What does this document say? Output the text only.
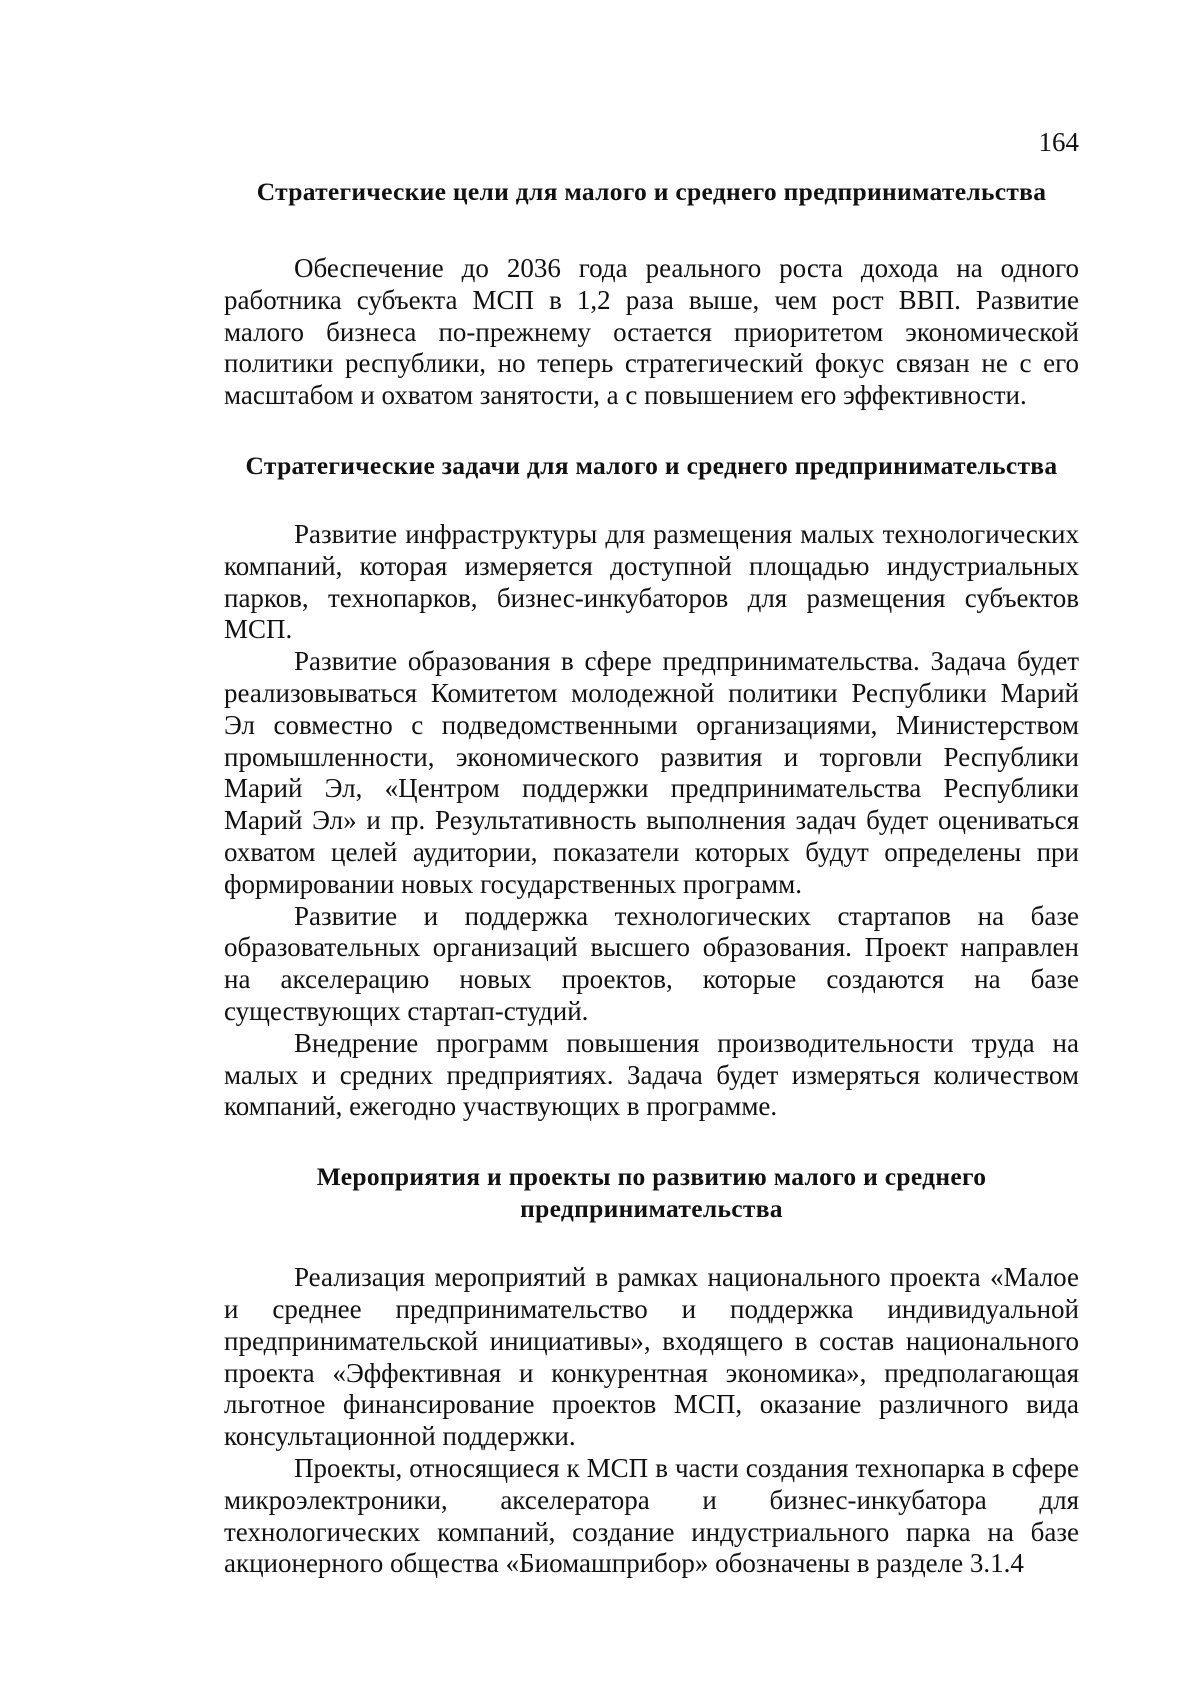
164
Стратегические цели для малого и среднего предпринимательства

Обеспечение до 2036 года реального роста дохода на одного работника субъекта МСП в 1,2 раза выше, чем рост ВВП. Развитие малого бизнеса по-прежнему остается приоритетом экономической политики республики, но теперь стратегический фокус связан не с его масштабом и охватом занятости, а с повышением его эффективности.

Стратегические задачи для малого и среднего предпринимательства

Развитие инфраструктуры для размещения малых технологических компаний, которая измеряется доступной площадью индустриальных парков, технопарков, бизнес-инкубаторов для размещения субъектов МСП.

Развитие образования в сфере предпринимательства. Задача будет реализовываться Комитетом молодежной политики Республики Марий Эл совместно с подведомственными организациями, Министерством промышленности, экономического развития и торговли Республики Марий Эл, «Центром поддержки предпринимательства Республики Марий Эл» и пр. Результативность выполнения задач будет оцениваться охватом целей аудитории, показатели которых будут определены при формировании новых государственных программ.

Развитие и поддержка технологических стартапов на базе образовательных организаций высшего образования. Проект направлен на акселерацию новых проектов, которые создаются на базе существующих стартап-студий.

Внедрение программ повышения производительности труда на малых и средних предприятиях. Задача будет измеряться количеством компаний, ежегодно участвующих в программе.

Мероприятия и проекты по развитию малого и среднего предпринимательства

Реализация мероприятий в рамках национального проекта «Малое и среднее предпринимательство и поддержка индивидуальной предпринимательской инициативы», входящего в состав национального проекта «Эффективная и конкурентная экономика», предполагающая льготное финансирование проектов МСП, оказание различного вида консультационной поддержки.

Проекты, относящиеся к МСП в части создания технопарка в сфере микроэлектроники, акселератора и бизнес-инкубатора для технологических компаний, создание индустриального парка на базе акционерного общества «Биомашприбор» обозначены в разделе 3.1.4
